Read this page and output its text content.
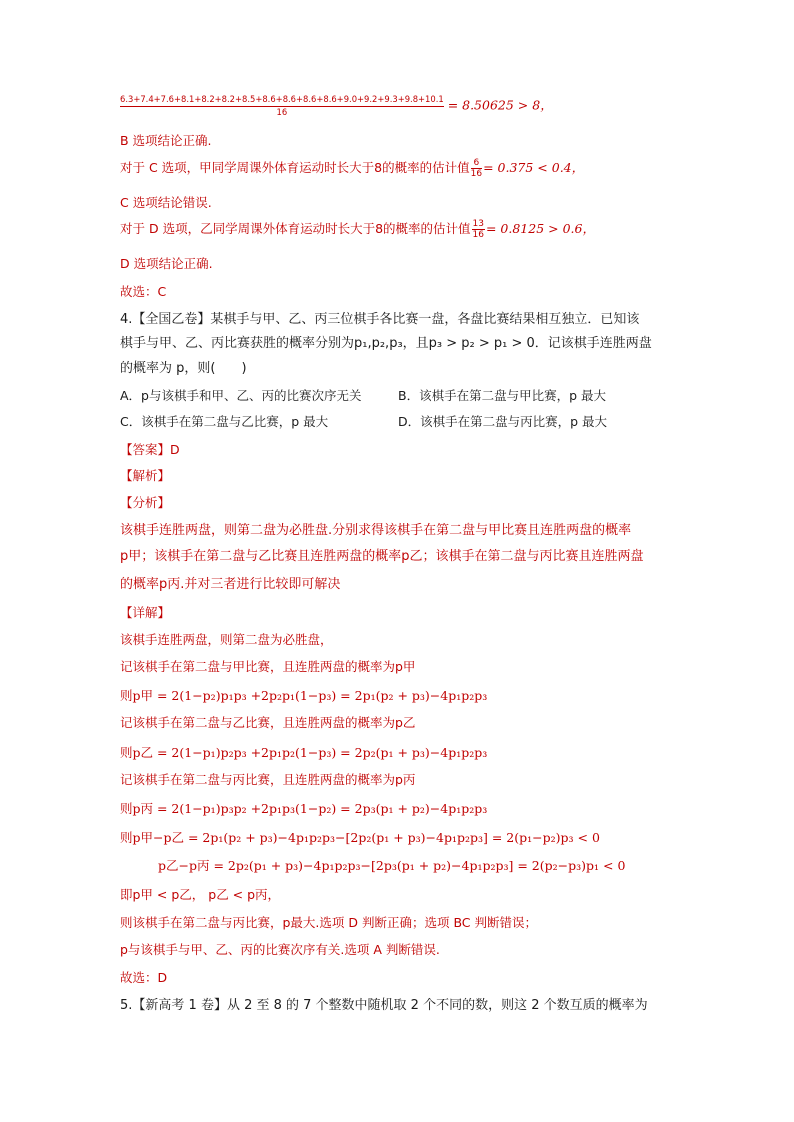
6.3+7.4+7.6+8.1+8.2+8.2+8.5+8.6+8.6+8.6+8.6+9.0+9.2+9.3+9.8+10.1
16	= 8.50625 > 8，
B 选项结论正确.
对于 C 选项，甲同学周课外体育运动时长大于8的概率的估计值 $\frac{6}{16} = 0.375 < 0.4$，
C 选项结论错误.
对于 D 选项，乙同学周课外体育运动时长大于8的概率的估计值 $\frac{13}{16} = 0.8125 > 0.6$，
D 选项结论正确.
故选：C
4.【全国乙卷】某棋手与甲、乙、丙三位棋手各比赛一盘，各盘比赛结果相互独立．已知该
棋手与甲、乙、丙比赛获胜的概率分别为p₁,p₂,p₃，且p₃ > p₂ > p₁ > 0．记该棋手连胜两盘
的概率为 p，则(　　)
A．p与该棋手和甲、乙、丙的比赛次序无关	B．该棋手在第二盘与甲比赛，p 最大
C．该棋手在第二盘与乙比赛，p 最大	D．该棋手在第二盘与丙比赛，p 最大
【答案】D
【解析】
【分析】
该棋手连胜两盘，则第二盘为必胜盘.分别求得该棋手在第二盘与甲比赛且连胜两盘的概率
p甲；该棋手在第二盘与乙比赛且连胜两盘的概率p乙；该棋手在第二盘与丙比赛且连胜两盘
的概率p丙.并对三者进行比较即可解决
【详解】
该棋手连胜两盘，则第二盘为必胜盘，
记该棋手在第二盘与甲比赛，且连胜两盘的概率为p甲
则p甲 = 2(1−p₂)p₁p₃ +2p₂p₁(1−p₃) = 2p₁(p₂ + p₃)−4p₁p₂p₃
记该棋手在第二盘与乙比赛，且连胜两盘的概率为p乙
则p乙 = 2(1−p₁)p₂p₃ +2p₁p₂(1−p₃) = 2p₂(p₁ + p₃)−4p₁p₂p₃
记该棋手在第二盘与丙比赛，且连胜两盘的概率为p丙
则p丙 = 2(1−p₁)p₃p₂ +2p₁p₃(1−p₂) = 2p₃(p₁ + p₂)−4p₁p₂p₃
则p甲−p乙 = 2p₁(p₂ + p₃)−4p₁p₂p₃−[2p₂(p₁ + p₃)−4p₁p₂p₃] = 2(p₁−p₂)p₃ < 0
p乙−p丙 = 2p₂(p₁ + p₃)−4p₁p₂p₃−[2p₃(p₁ + p₂)−4p₁p₂p₃] = 2(p₂−p₃)p₁ < 0
即p甲 < p乙， p乙 < p丙，
则该棋手在第二盘与丙比赛，p最大.选项 D 判断正确；选项 BC 判断错误；
p与该棋手与甲、乙、丙的比赛次序有关.选项 A 判断错误.
故选：D
5.【新高考 1 卷】从 2 至 8 的 7 个整数中随机取 2 个不同的数，则这 2 个数互质的概率为
